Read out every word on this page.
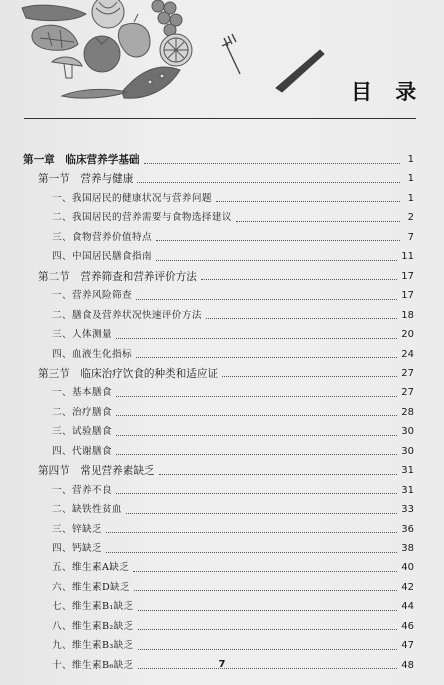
目 录
第一章　临床营养学基础	1
第一节　营养与健康	1
一、我国居民的健康状况与营养问题	1
二、我国居民的营养需要与食物选择建议	2
三、食物营养价值特点	7
四、中国居民膳食指南	11
第二节　营养筛查和营养评价方法	17
一、营养风险筛查	17
二、膳食及营养状况快速评价方法	18
三、人体测量	20
四、血液生化指标	24
第三节　临床治疗饮食的种类和适应证	27
一、基本膳食	27
二、治疗膳食	28
三、试验膳食	30
四、代谢膳食	30
第四节　常见营养素缺乏	31
一、营养不良	31
二、缺铁性贫血	33
三、锌缺乏	36
四、钙缺乏	38
五、维生素A缺乏	40
六、维生素D缺乏	42
七、维生素B₁缺乏	44
八、维生素B₂缺乏	46
九、维生素B₃缺乏	47
十、维生素B₆缺乏	48
7
